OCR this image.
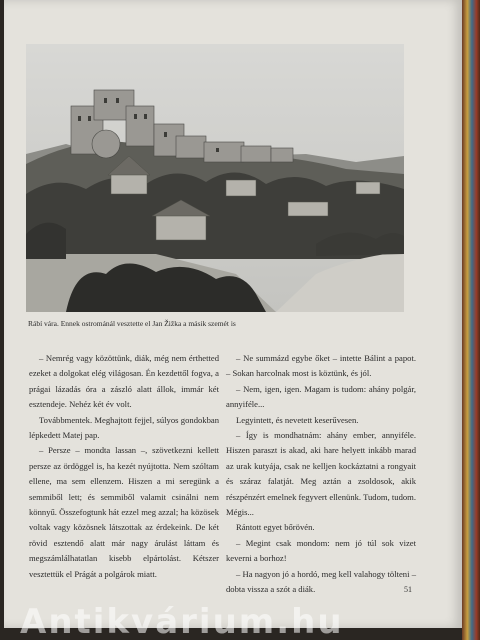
Rábí vára. Ennek ostrománál vesztette el Jan Žižka a másik szemét is

– Nemrég vagy közöttünk, diák, még nem érthetted ezeket a dolgokat elég világosan. Én kezdettől fogva, a prágai lázadás óra a zászló alatt állok, immár két esztendeje. Nehéz két év volt.

Továbbmentek. Meghajtott fejjel, súlyos gondokban lépkedett Matej pap.

– Persze – mondta lassan –, szövetkezni kellett persze az ördöggel is, ha kezét nyújtotta. Nem szóltam ellene, ma sem ellenzem. Hiszen a mi seregünk a semmiből lett; és semmiből valamit csinálni nem könnyű. Összefogtunk hát ezzel meg azzal; ha közösek voltak vagy közösnek látszottak az érdekeink. De két rövid esztendő alatt már nagy árulást láttam és megszámlálhatatlan kisebb elpártolást. Kétszer vesztettük el Prágát a polgárok miatt.

– Ne summázd egybe őket – intette Bálint a papot. – Sokan harcolnak most is köztünk, és jól.

– Nem, igen, igen. Magam is tudom: ahány polgár, annyiféle...

Legyintett, és nevetett keserűvesen.

– Így is mondhatnám: ahány ember, annyiféle. Hiszen paraszt is akad, aki hare helyett inkább marad az urak kutyája, csak ne kelljen kockáztatni a rongyait és száraz falatját. Meg aztán a zsoldosok, akik részpénzért emelnek fegyvert ellenünk. Tudom, tudom. Mégis...

Rántott egyet bőrövén.

– Megint csak mondom: nem jó túl sok vizet keverni a borhoz!

– Ha nagyon jó a hordó, meg kell valahogy tölteni – dobta vissza a szót a diák.	51
Antikvárium.hu
